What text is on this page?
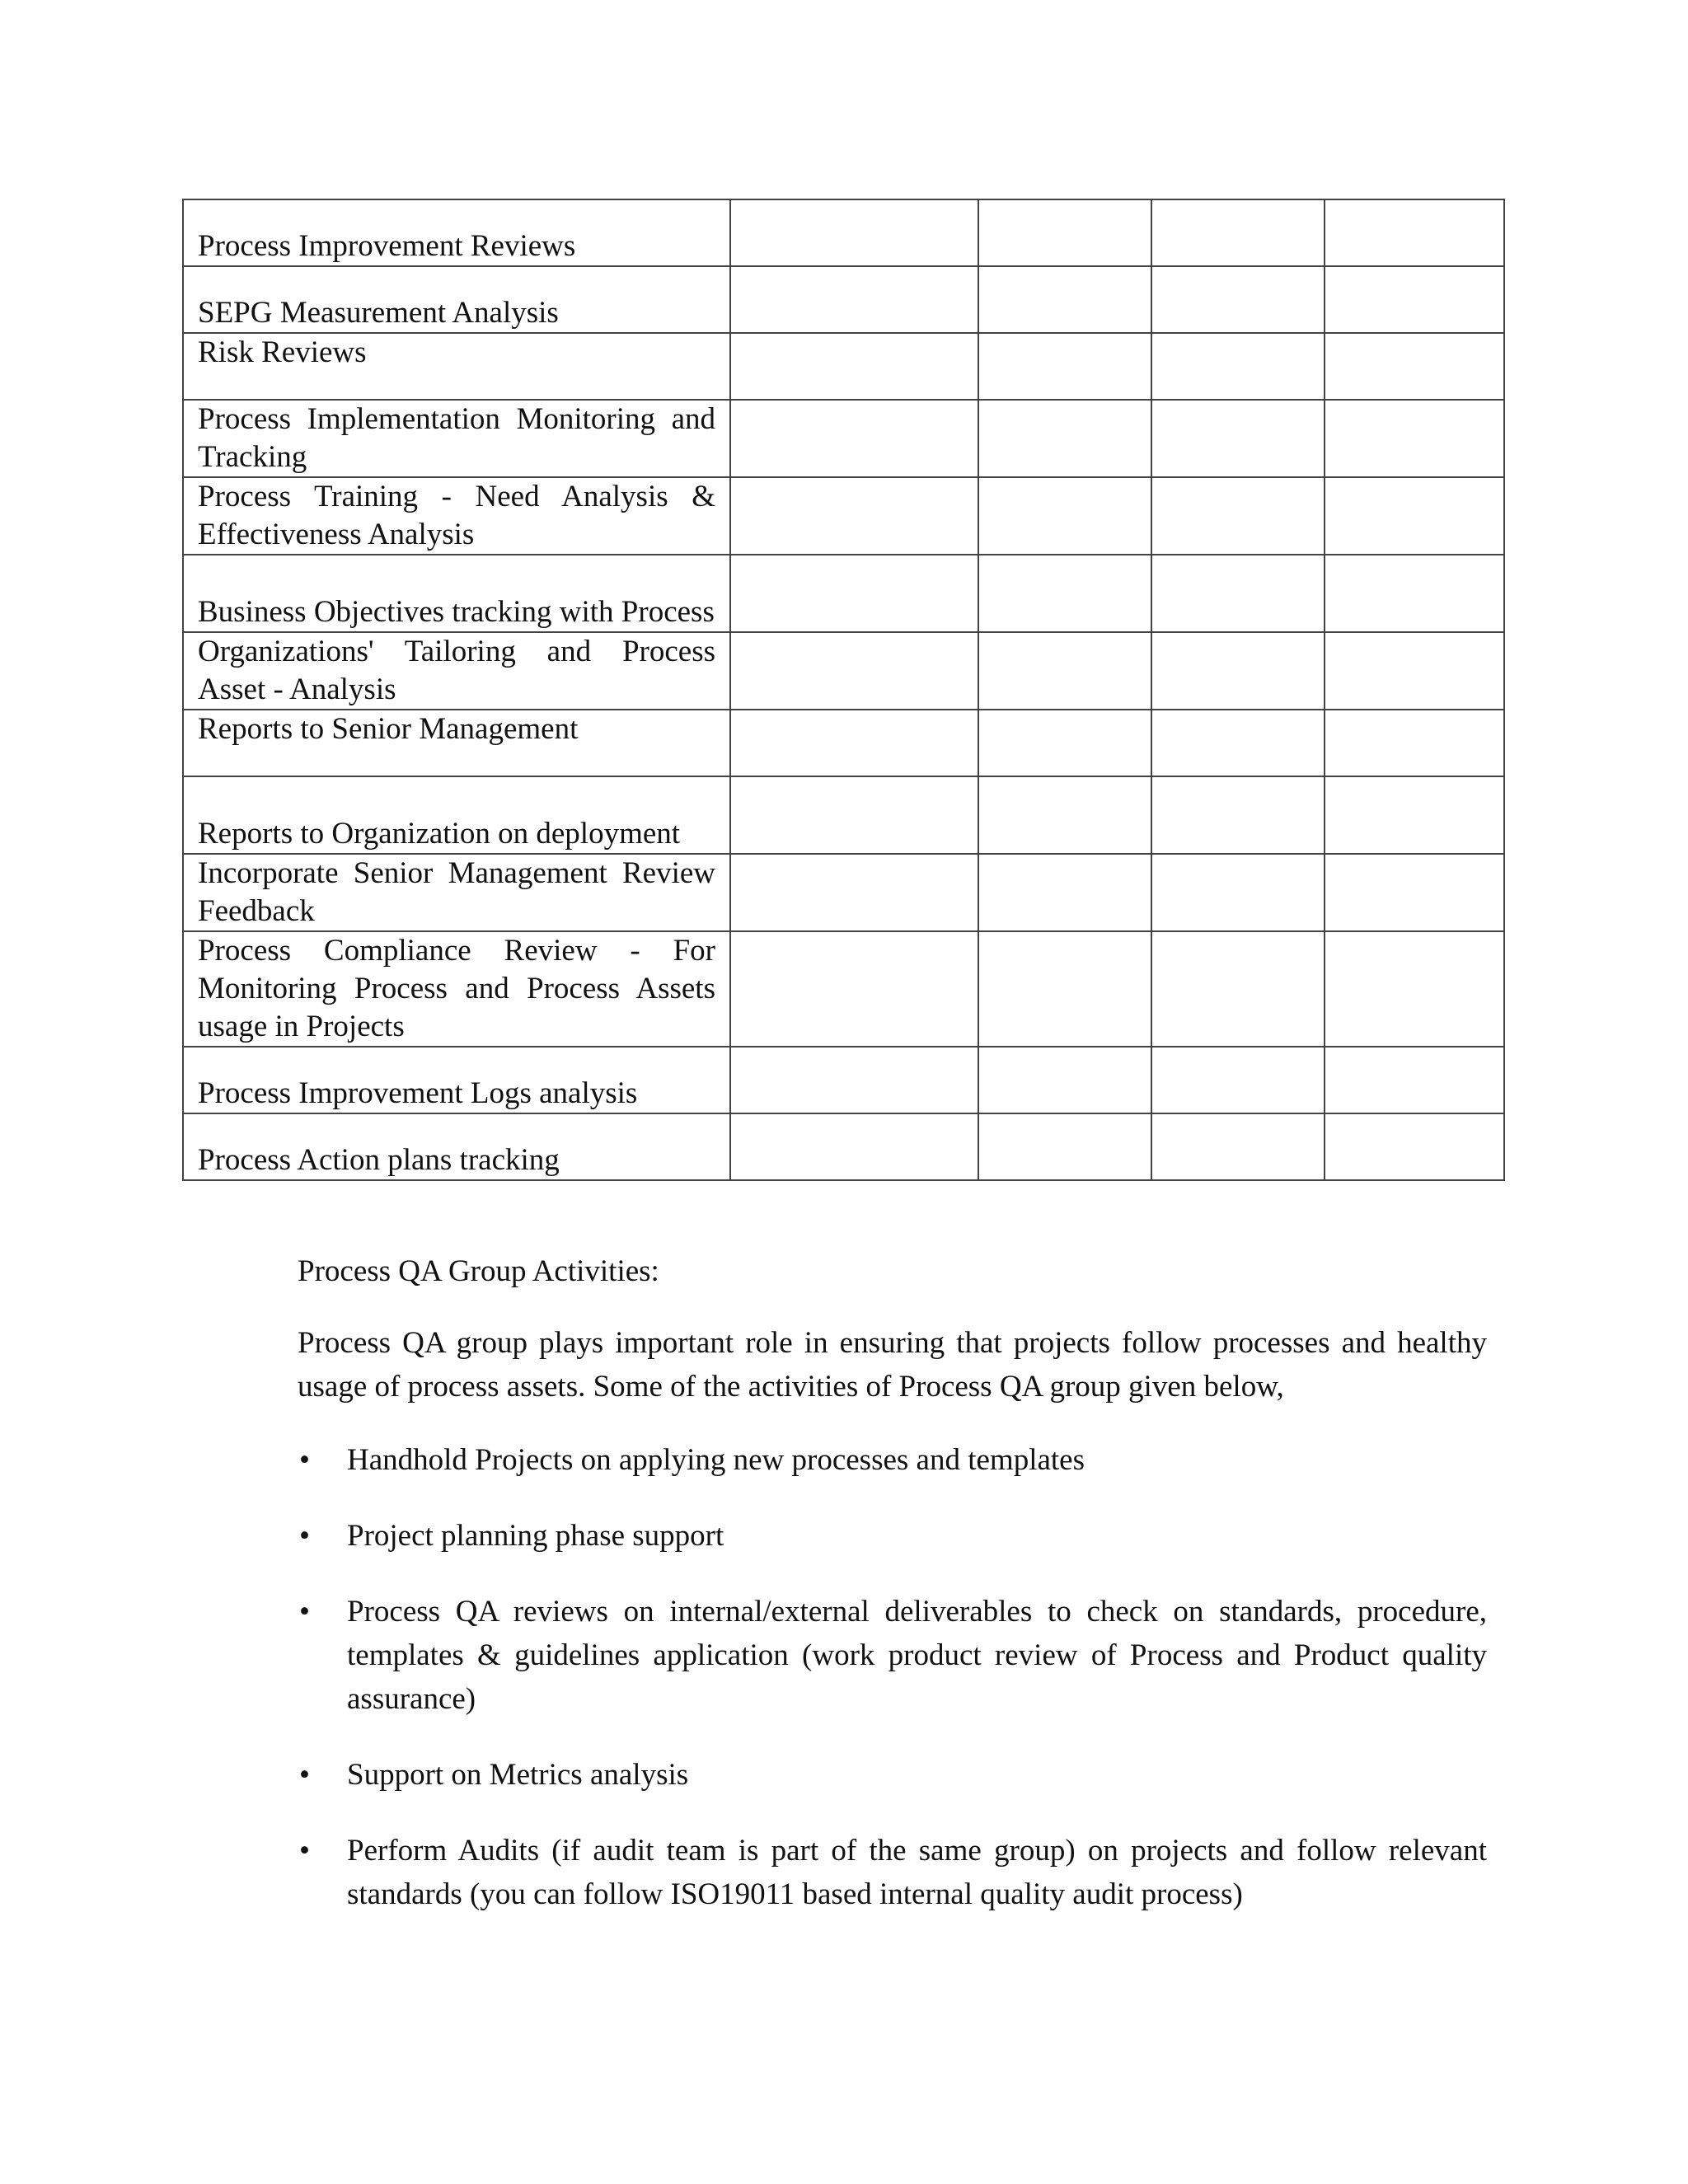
Process Improvement Reviews				
SEPG Measurement Analysis				
Risk Reviews				
Process Implementation Monitoring and Tracking				
Process Training - Need Analysis & Effectiveness Analysis				
Business Objectives tracking with Process				
Organizations' Tailoring and Process Asset - Analysis				
Reports to Senior Management				
Reports to Organization on deployment				
Incorporate Senior Management Review Feedback				
Process Compliance Review - For Monitoring Process and Process Assets usage in Projects				
Process Improvement Logs analysis				
Process Action plans tracking				
Process QA Group Activities:
Process QA group plays important role in ensuring that projects follow processes and healthy usage of process assets. Some of the activities of Process QA group given below,
• Handhold Projects on applying new processes and templates
• Project planning phase support
• Process QA reviews on internal/external deliverables to check on standards, procedure, templates & guidelines application (work product review of Process and Product quality assurance)
• Support on Metrics analysis
• Perform Audits (if audit team is part of the same group) on projects and follow relevant standards (you can follow ISO19011 based internal quality audit process)
